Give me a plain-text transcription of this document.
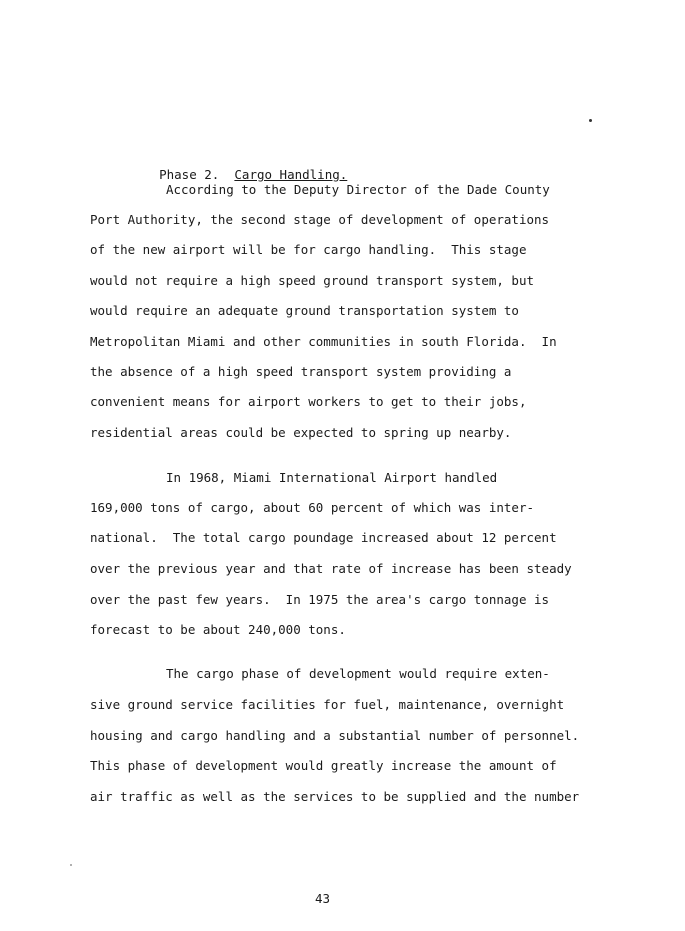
Phase 2. Cargo Handling.

According to the Deputy Director of the Dade County
Port Authority, the second stage of development of operations
of the new airport will be for cargo handling.  This stage
would not require a high speed ground transport system, but
would require an adequate ground transportation system to
Metropolitan Miami and other communities in south Florida.  In
the absence of a high speed transport system providing a
convenient means for airport workers to get to their jobs,
residential areas could be expected to spring up nearby.
In 1968, Miami International Airport handled
169,000 tons of cargo, about 60 percent of which was inter-
national.  The total cargo poundage increased about 12 percent
over the previous year and that rate of increase has been steady
over the past few years.  In 1975 the area's cargo tonnage is
forecast to be about 240,000 tons.
The cargo phase of development would require exten-
sive ground service facilities for fuel, maintenance, overnight
housing and cargo handling and a substantial number of personnel.
This phase of development would greatly increase the amount of
air traffic as well as the services to be supplied and the number
43
